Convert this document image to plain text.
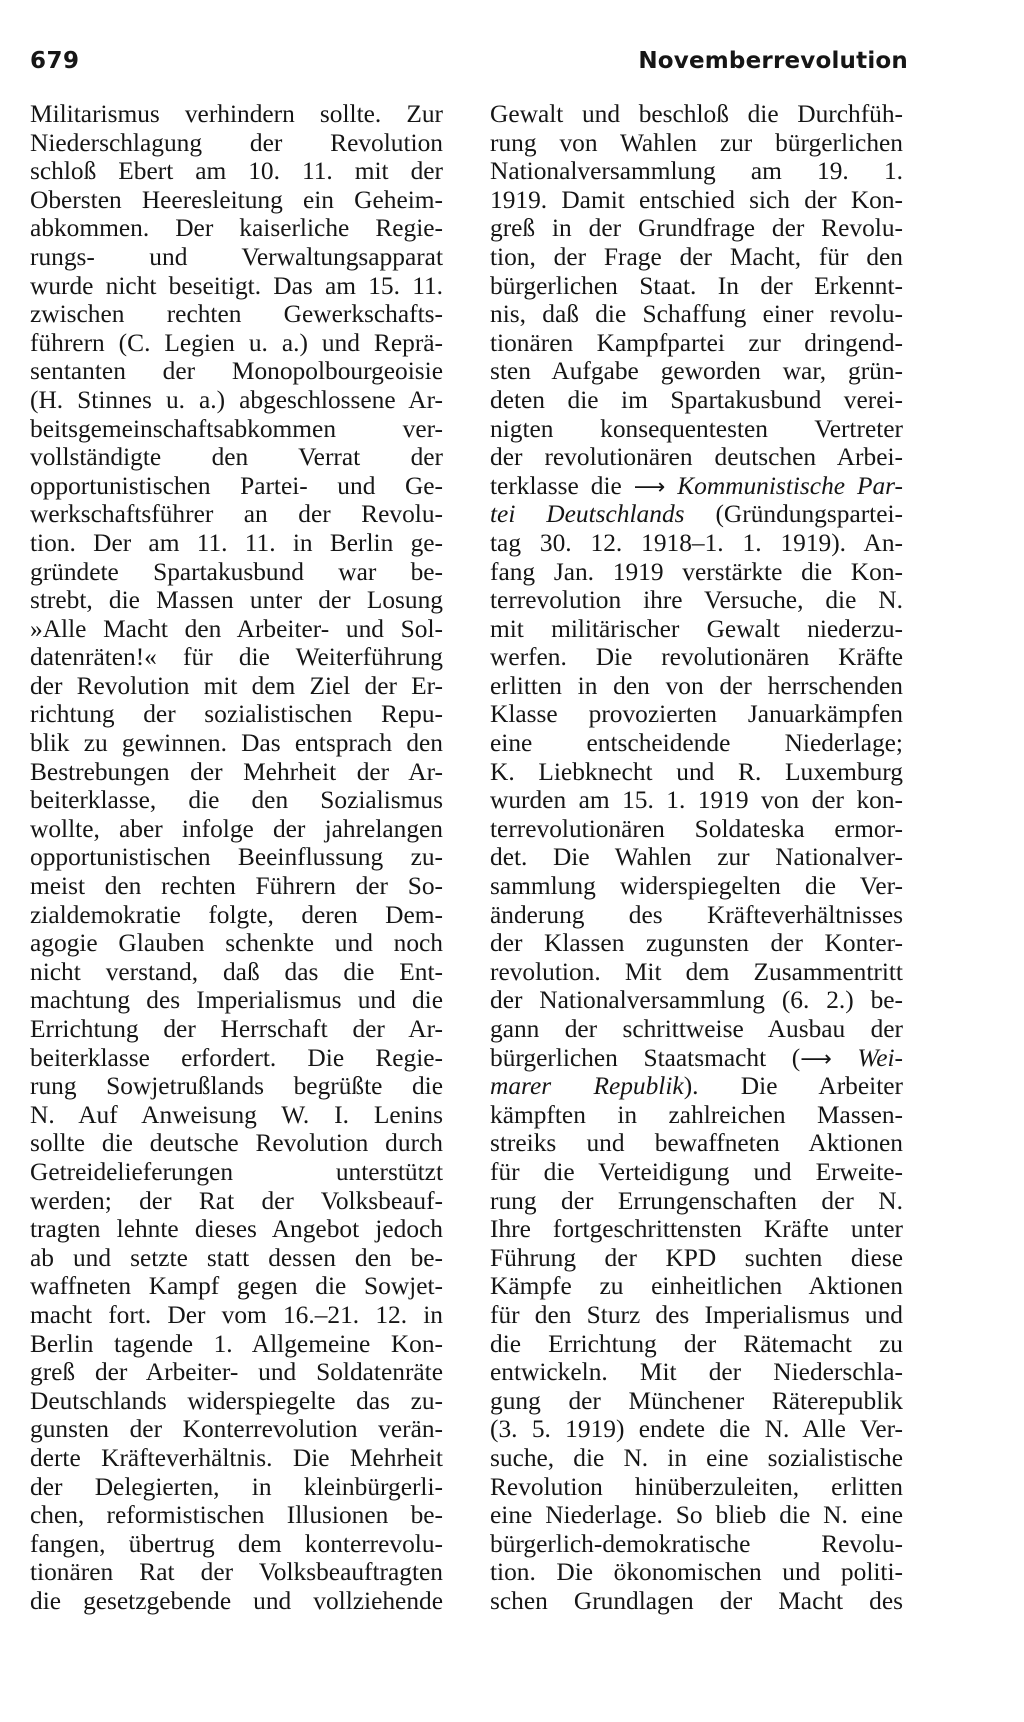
679	Novemberrevolution
Militarismus verhindern sollte. Zur
Niederschlagung der Revolution
schloß Ebert am 10. 11. mit der
Obersten Heeresleitung ein Geheim-
abkommen. Der kaiserliche Regie-
rungs- und Verwaltungsapparat
wurde nicht beseitigt. Das am 15. 11.
zwischen rechten Gewerkschafts-
führern (C. Legien u. a.) und Reprä-
sentanten der Monopolbourgeoisie
(H. Stinnes u. a.) abgeschlossene Ar-
beitsgemeinschaftsabkommen ver-
vollständigte den Verrat der
opportunistischen Partei- und Ge-
werkschaftsführer an der Revolu-
tion. Der am 11. 11. in Berlin ge-
gründete Spartakusbund war be-
strebt, die Massen unter der Losung
»Alle Macht den Arbeiter- und Sol-
datenräten!« für die Weiterführung
der Revolution mit dem Ziel der Er-
richtung der sozialistischen Repu-
blik zu gewinnen. Das entsprach den
Bestrebungen der Mehrheit der Ar-
beiterklasse, die den Sozialismus
wollte, aber infolge der jahrelangen
opportunistischen Beeinflussung zu-
meist den rechten Führern der So-
zialdemokratie folgte, deren Dem-
agogie Glauben schenkte und noch
nicht verstand, daß das die Ent-
machtung des Imperialismus und die
Errichtung der Herrschaft der Ar-
beiterklasse erfordert. Die Regie-
rung Sowjetrußlands begrüßte die
N. Auf Anweisung W. I. Lenins
sollte die deutsche Revolution durch
Getreidelieferungen unterstützt
werden; der Rat der Volksbeauf-
tragten lehnte dieses Angebot jedoch
ab und setzte statt dessen den be-
waffneten Kampf gegen die Sowjet-
macht fort. Der vom 16.–21. 12. in
Berlin tagende 1. Allgemeine Kon-
greß der Arbeiter- und Soldatenräte
Deutschlands widerspiegelte das zu-
gunsten der Konterrevolution verän-
derte Kräfteverhältnis. Die Mehrheit
der Delegierten, in kleinbürgerli-
chen, reformistischen Illusionen be-
fangen, übertrug dem konterrevolu-
tionären Rat der Volksbeauftragten
die gesetzgebende und vollziehende
Gewalt und beschloß die Durchfüh-
rung von Wahlen zur bürgerlichen
Nationalversammlung am 19. 1.
1919. Damit entschied sich der Kon-
greß in der Grundfrage der Revolu-
tion, der Frage der Macht, für den
bürgerlichen Staat. In der Erkennt-
nis, daß die Schaffung einer revolu-
tionären Kampfpartei zur dringend-
sten Aufgabe geworden war, grün-
deten die im Spartakusbund verei-
nigten konsequentesten Vertreter
der revolutionären deutschen Arbei-
terklasse die ⟶ Kommunistische Par-
tei Deutschlands (Gründungspartei-
tag 30. 12. 1918–1. 1. 1919). An-
fang Jan. 1919 verstärkte die Kon-
terrevolution ihre Versuche, die N.
mit militärischer Gewalt niederzu-
werfen. Die revolutionären Kräfte
erlitten in den von der herrschenden
Klasse provozierten Januarkämpfen
eine entscheidende Niederlage;
K. Liebknecht und R. Luxemburg
wurden am 15. 1. 1919 von der kon-
terrevolutionären Soldateska ermor-
det. Die Wahlen zur Nationalver-
sammlung widerspiegelten die Ver-
änderung des Kräfteverhältnisses
der Klassen zugunsten der Konter-
revolution. Mit dem Zusammentritt
der Nationalversammlung (6. 2.) be-
gann der schrittweise Ausbau der
bürgerlichen Staatsmacht (⟶ Wei-
marer Republik). Die Arbeiter
kämpften in zahlreichen Massen-
streiks und bewaffneten Aktionen
für die Verteidigung und Erweite-
rung der Errungenschaften der N.
Ihre fortgeschrittensten Kräfte unter
Führung der KPD suchten diese
Kämpfe zu einheitlichen Aktionen
für den Sturz des Imperialismus und
die Errichtung der Rätemacht zu
entwickeln. Mit der Niederschla-
gung der Münchener Räterepublik
(3. 5. 1919) endete die N. Alle Ver-
suche, die N. in eine sozialistische
Revolution hinüberzuleiten, erlitten
eine Niederlage. So blieb die N. eine
bürgerlich-demokratische Revolu-
tion. Die ökonomischen und politi-
schen Grundlagen der Macht des
